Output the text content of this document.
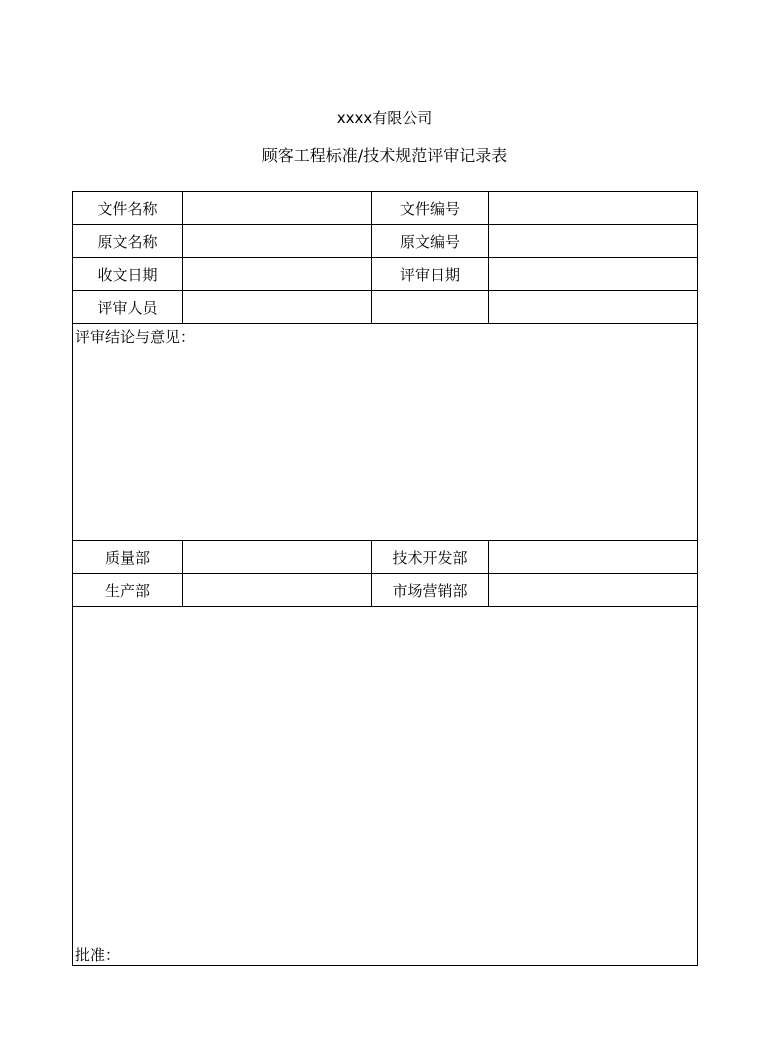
xxxx有限公司
顾客工程标准/技术规范评审记录表
文件名称		文件编号	
原文名称		原文编号	
收文日期		评审日期	
评审人员			
评审结论与意见：			
质量部		技术开发部	
生产部		市场营销部	
批准：			
